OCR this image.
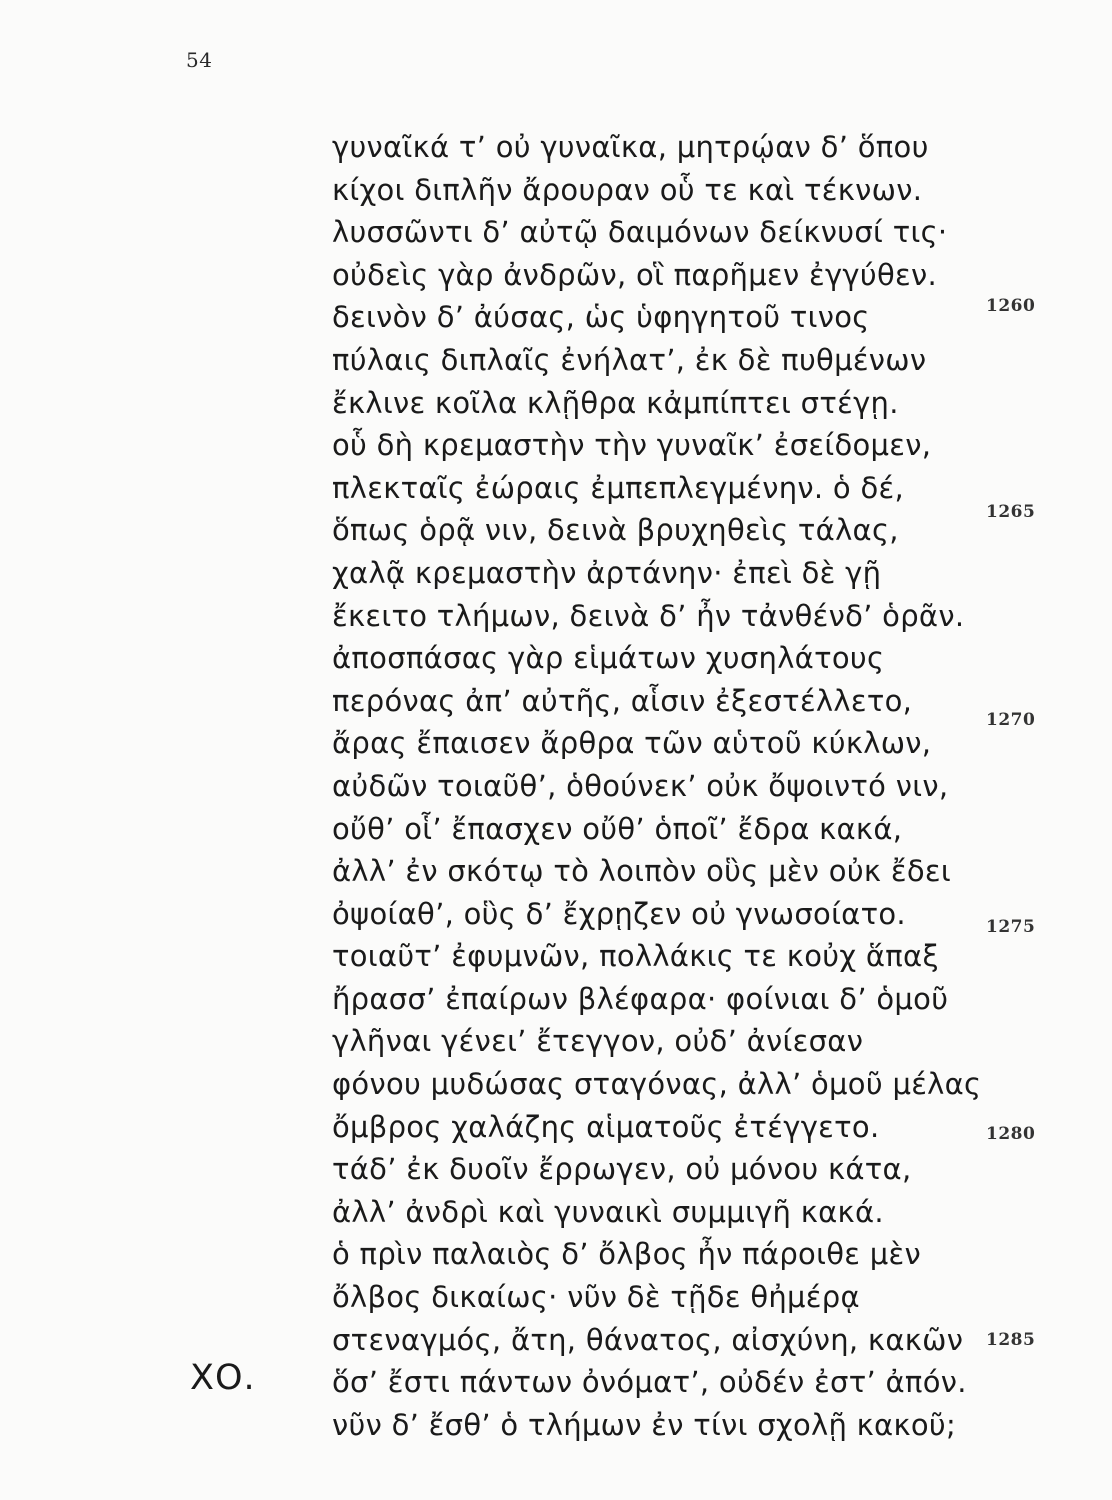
54
γυναῖκά τ’ οὐ γυναῖκα, μητρῴαν δ’ ὅπου
κίχοι διπλῆν ἄρουραν οὗ τε καὶ τέκνων.
λυσσῶντι δ’ αὐτῷ δαιμόνων δείκνυσί τις·
οὐδεὶς γὰρ ἀνδρῶν, οἳ παρῆμεν ἐγγύθεν.
δεινὸν δ’ ἀύσας, ὡς ὑφηγητοῦ τινος
πύλαις διπλαῖς ἐνήλατ’, ἐκ δὲ πυθμένων
ἔκλινε κοῖλα κλῇθρα κἀμπίπτει στέγῃ.
οὗ δὴ κρεμαστὴν τὴν γυναῖκ’ ἐσείδομεν,
πλεκταῖς ἐώραις ἐμπεπλεγμένην. ὁ δέ,
ὅπως ὁρᾷ νιν, δεινὰ βρυχηθεὶς τάλας,
χαλᾷ κρεμαστὴν ἀρτάνην· ἐπεὶ δὲ γῇ
ἔκειτο τλήμων, δεινὰ δ’ ἦν τἀνθένδ’ ὁρᾶν.
ἀποσπάσας γὰρ εἱμάτων χυσηλάτους
περόνας ἀπ’ αὐτῆς, αἷσιν ἐξεστέλλετο,
ἄρας ἔπαισεν ἄρθρα τῶν αὑτοῦ κύκλων,
αὐδῶν τοιαῦθ’, ὁθούνεκ’ οὐκ ὄψοιντό νιν,
οὔθ’ οἷ’ ἔπασχεν οὔθ’ ὁποῖ’ ἔδρα κακά,
ἀλλ’ ἐν σκότῳ τὸ λοιπὸν οὓς μὲν οὐκ ἔδει
ὀψοίαθ’, οὓς δ’ ἔχρῃζεν οὐ γνωσοίατο.
τοιαῦτ’ ἐφυμνῶν, πολλάκις τε κοὐχ ἅπαξ
ἤρασσ’ ἐπαίρων βλέφαρα· φοίνιαι δ’ ὁμοῦ
γλῆναι γένει’ ἔτεγγον, οὐδ’ ἀνίεσαν
φόνου μυδώσας σταγόνας, ἀλλ’ ὁμοῦ μέλας
ὄμβρος χαλάζης αἱματοῦς ἐτέγγετο.
τάδ’ ἐκ δυοῖν ἔρρωγεν, οὐ μόνου κάτα,
ἀλλ’ ἀνδρὶ καὶ γυναικὶ συμμιγῆ κακά.
ὁ πρὶν παλαιὸς δ’ ὄλβος ἦν πάροιθε μὲν
ὄλβος δικαίως· νῦν δὲ τῇδε θἠμέρᾳ
στεναγμός, ἄτη, θάνατος, αἰσχύνη, κακῶν
ὅσ’ ἔστι πάντων ὀνόματ’, οὐδέν ἐστ’ ἀπόν.
νῦν δ’ ἔσθ’ ὁ τλήμων ἐν τίνι σχολῇ κακοῦ;
1260
1265
1270
1275
1280
1285
ΧΟ.
